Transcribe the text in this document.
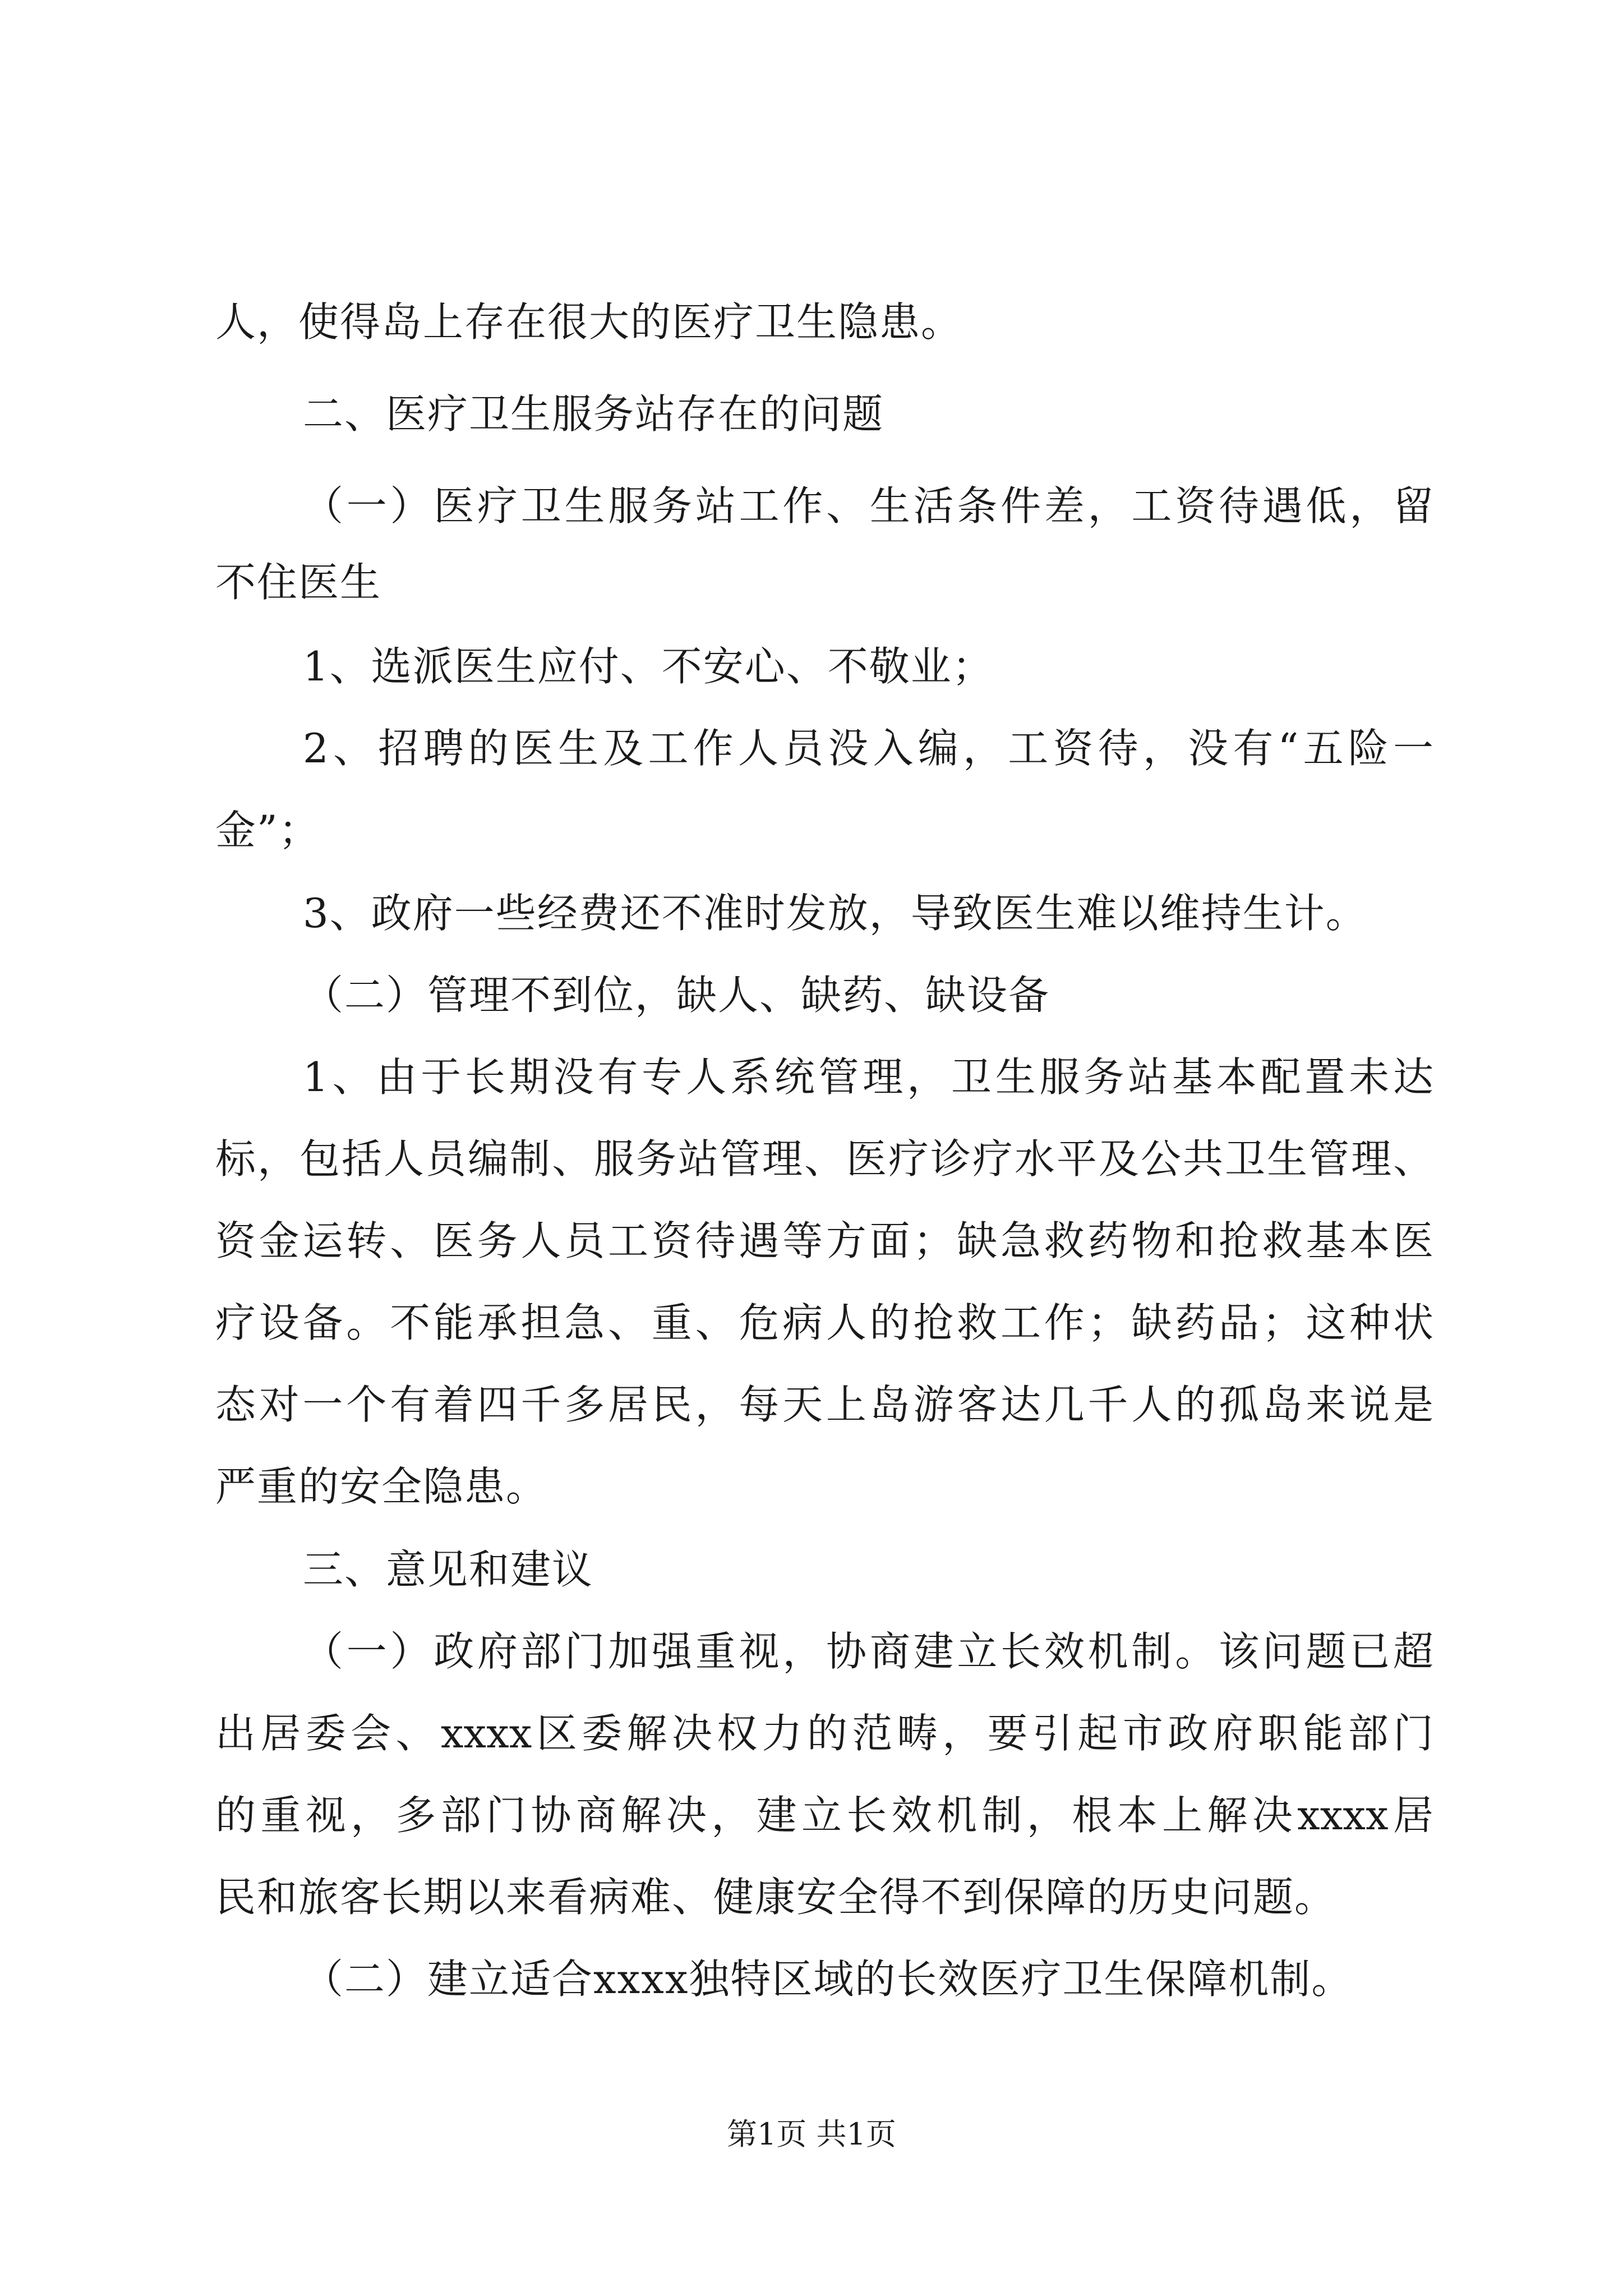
人，使得岛上存在很大的医疗卫生隐患。
二、医疗卫生服务站存在的问题
（一）医疗卫生服务站工作、生活条件差，工资待遇低，留
不住医生
1、选派医生应付、不安心、不敬业；
2、招聘的医生及工作人员没入编，工资待，没有“五险一
金”；
3、政府一些经费还不准时发放，导致医生难以维持生计。
（二）管理不到位，缺人、缺药、缺设备
1、由于长期没有专人系统管理，卫生服务站基本配置未达
标，包括人员编制、服务站管理、医疗诊疗水平及公共卫生管理、
资金运转、医务人员工资待遇等方面；缺急救药物和抢救基本医
疗设备。不能承担急、重、危病人的抢救工作；缺药品；这种状
态对一个有着四千多居民，每天上岛游客达几千人的孤岛来说是
严重的安全隐患。
三、意见和建议
（一）政府部门加强重视，协商建立长效机制。该问题已超
出居委会、xxxx区委解决权力的范畴，要引起市政府职能部门
的重视，多部门协商解决，建立长效机制，根本上解决xxxx居
民和旅客长期以来看病难、健康安全得不到保障的历史问题。
（二）建立适合xxxx独特区域的长效医疗卫生保障机制。
第1页 共1页
